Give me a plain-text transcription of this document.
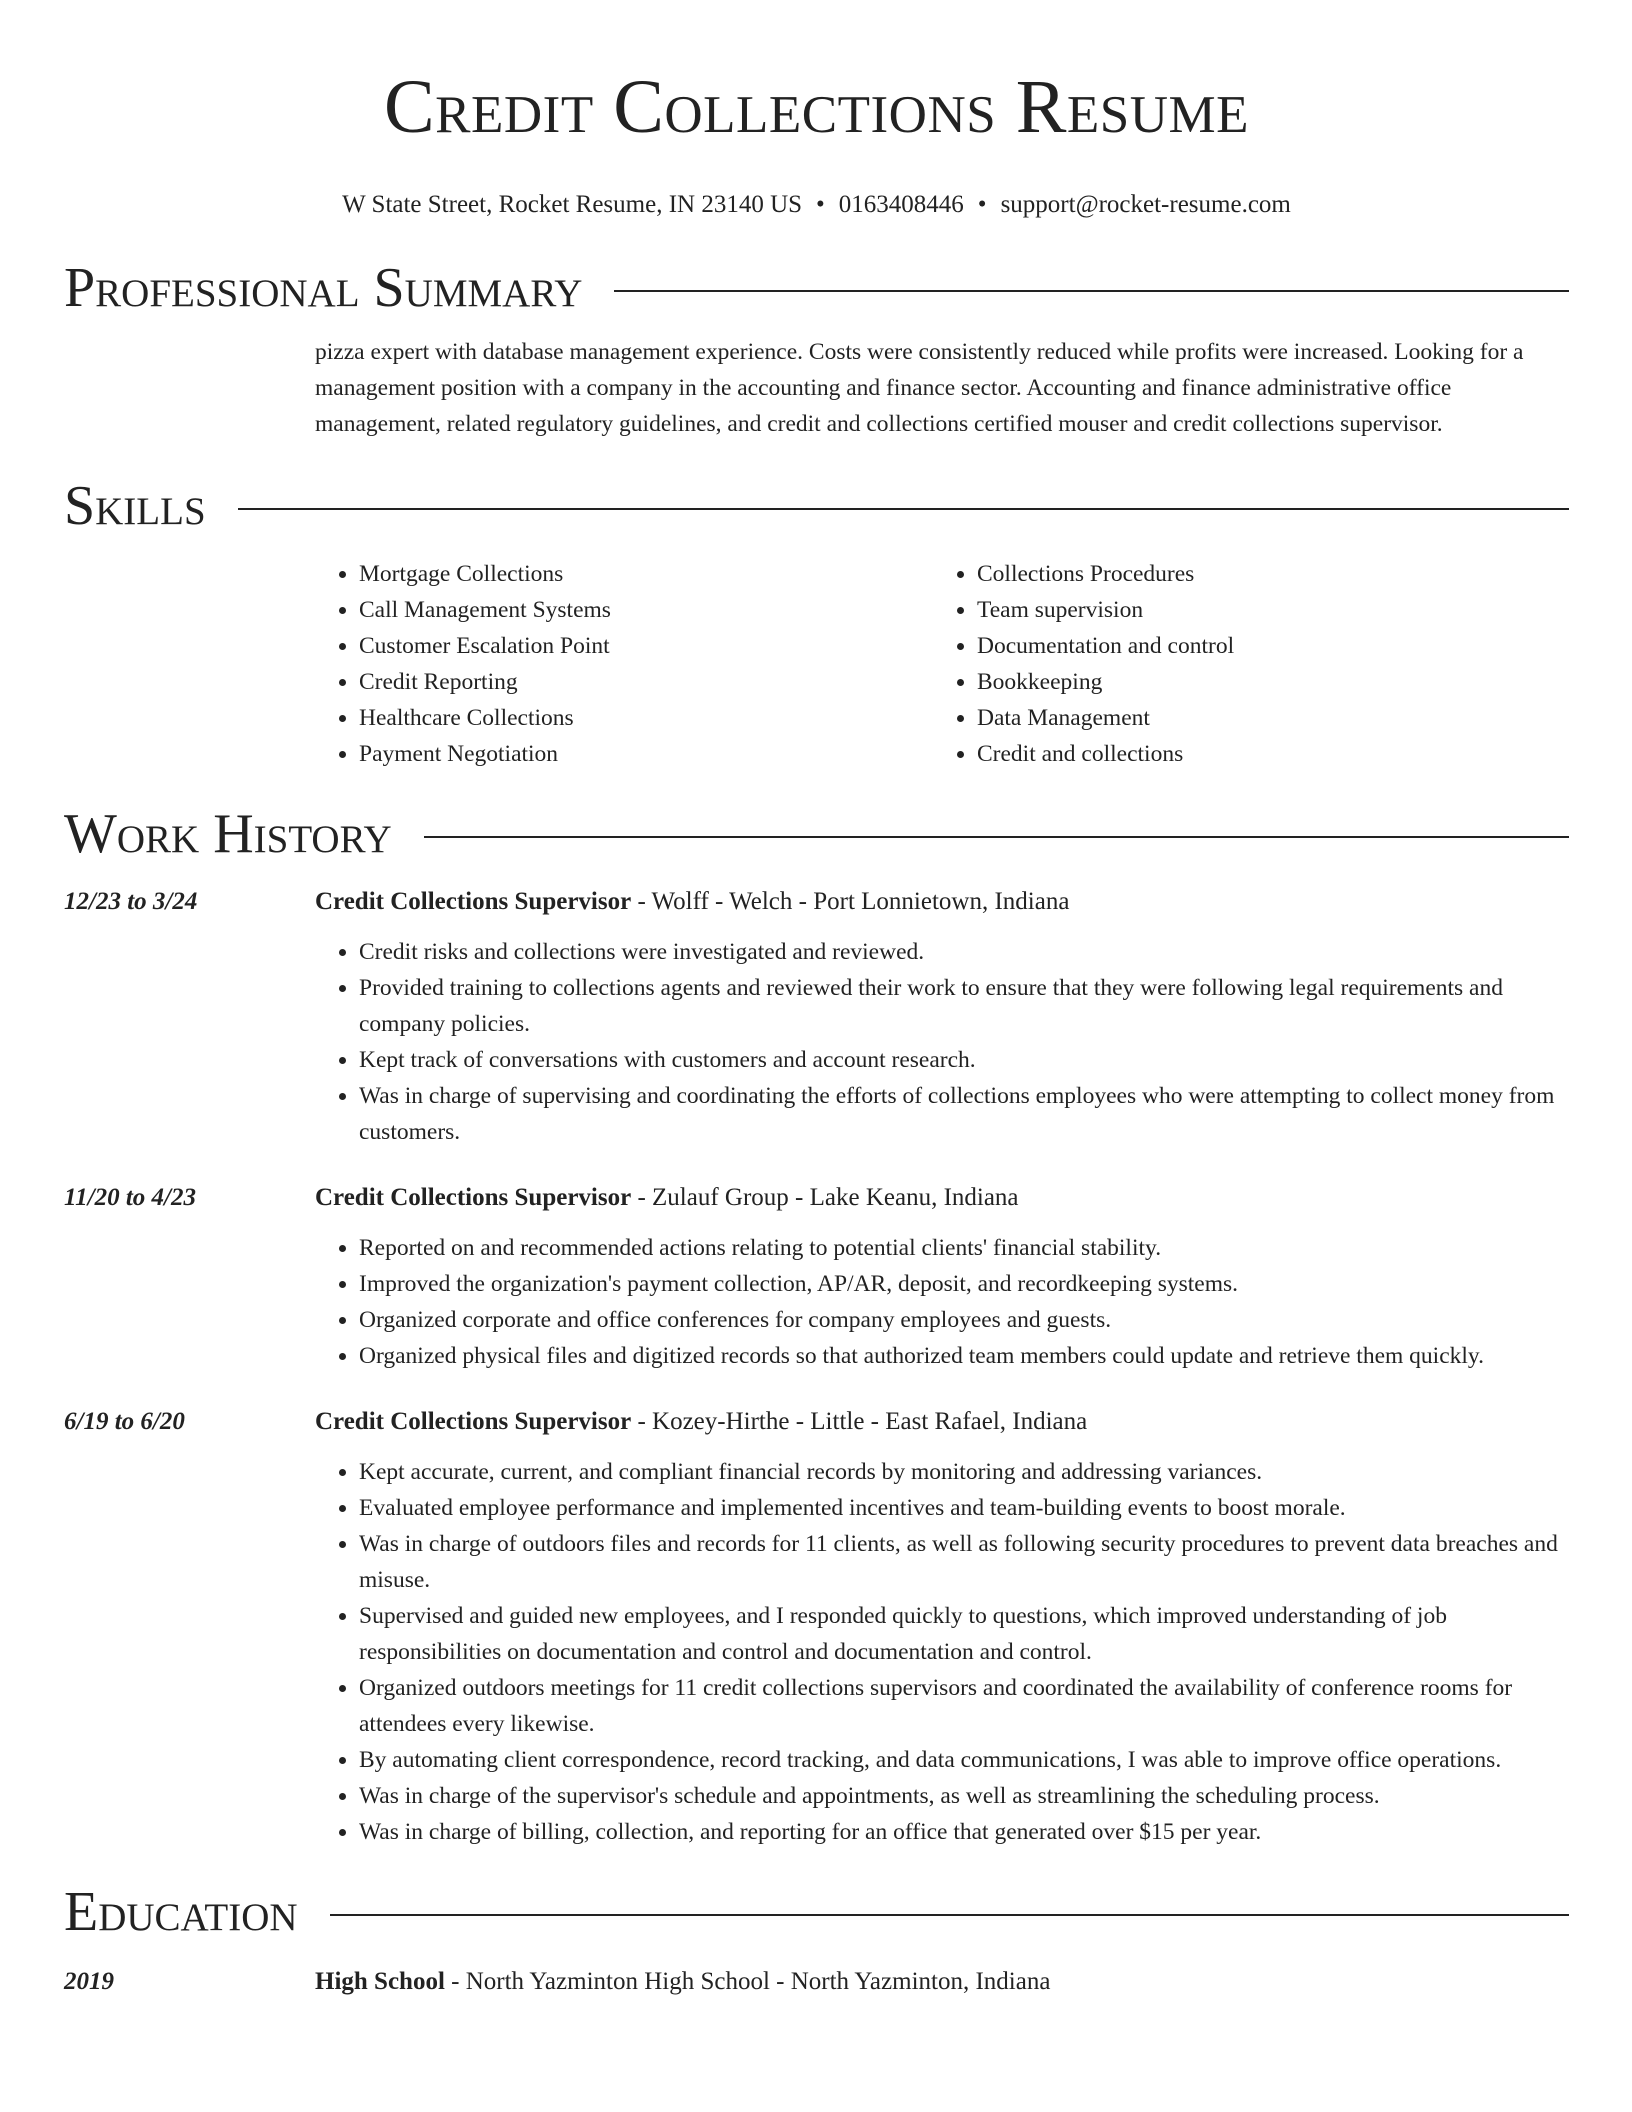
Credit Collections Resume
W State Street, Rocket Resume, IN 23140 US • 0163408446 • support@rocket-resume.com
Professional Summary
pizza expert with database management experience. Costs were consistently reduced while profits were increased. Looking for a management position with a company in the accounting and finance sector. Accounting and finance administrative office management, related regulatory guidelines, and credit and collections certified mouser and credit collections supervisor.
Skills
• Mortgage Collections
• Call Management Systems
• Customer Escalation Point
• Credit Reporting
• Healthcare Collections
• Payment Negotiation
• Collections Procedures
• Team supervision
• Documentation and control
• Bookkeeping
• Data Management
• Credit and collections
Work History
12/23 to 3/24	Credit Collections Supervisor - Wolff - Welch - Port Lonnietown, Indiana
• Credit risks and collections were investigated and reviewed.
• Provided training to collections agents and reviewed their work to ensure that they were following legal requirements and company policies.
• Kept track of conversations with customers and account research.
• Was in charge of supervising and coordinating the efforts of collections employees who were attempting to collect money from customers.
11/20 to 4/23	Credit Collections Supervisor - Zulauf Group - Lake Keanu, Indiana
• Reported on and recommended actions relating to potential clients' financial stability.
• Improved the organization's payment collection, AP/AR, deposit, and recordkeeping systems.
• Organized corporate and office conferences for company employees and guests.
• Organized physical files and digitized records so that authorized team members could update and retrieve them quickly.
6/19 to 6/20	Credit Collections Supervisor - Kozey-Hirthe - Little - East Rafael, Indiana
• Kept accurate, current, and compliant financial records by monitoring and addressing variances.
• Evaluated employee performance and implemented incentives and team-building events to boost morale.
• Was in charge of outdoors files and records for 11 clients, as well as following security procedures to prevent data breaches and misuse.
• Supervised and guided new employees, and I responded quickly to questions, which improved understanding of job responsibilities on documentation and control and documentation and control.
• Organized outdoors meetings for 11 credit collections supervisors and coordinated the availability of conference rooms for attendees every likewise.
• By automating client correspondence, record tracking, and data communications, I was able to improve office operations.
• Was in charge of the supervisor's schedule and appointments, as well as streamlining the scheduling process.
• Was in charge of billing, collection, and reporting for an office that generated over $15 per year.
Education
2019	High School - North Yazminton High School - North Yazminton, Indiana
